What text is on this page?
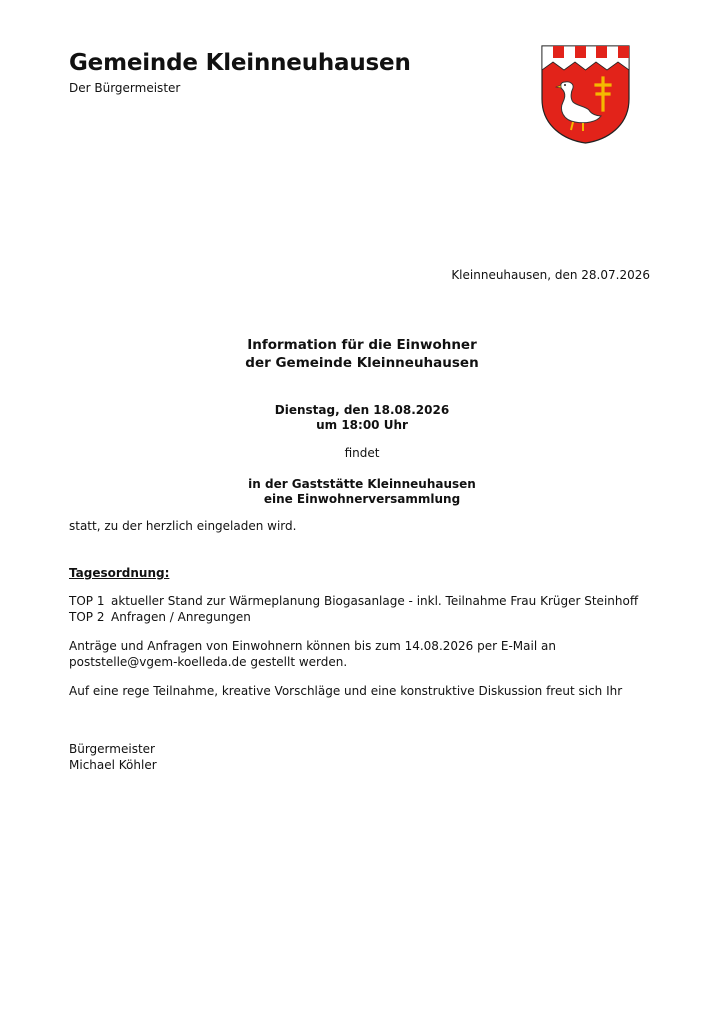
Gemeinde Kleinneuhausen
Der Bürgermeister
Kleinneuhausen, den 28.07.2026
Information für die Einwohner
der Gemeinde Kleinneuhausen
Dienstag, den 18.08.2026
um 18:00 Uhr
findet
in der Gaststätte Kleinneuhausen
eine Einwohnerversammlung
statt, zu der herzlich eingeladen wird.
Tagesordnung:
TOP 1 aktueller Stand zur Wärmeplanung Biogasanlage - inkl. Teilnahme Frau Krüger Steinhoff
TOP 2 Anfragen / Anregungen
Anträge und Anfragen von Einwohnern können bis zum 14.08.2026 per E-Mail an poststelle@vgem-koelleda.de gestellt werden.
Auf eine rege Teilnahme, kreative Vorschläge und eine konstruktive Diskussion freut sich Ihr
Bürgermeister
Michael Köhler
